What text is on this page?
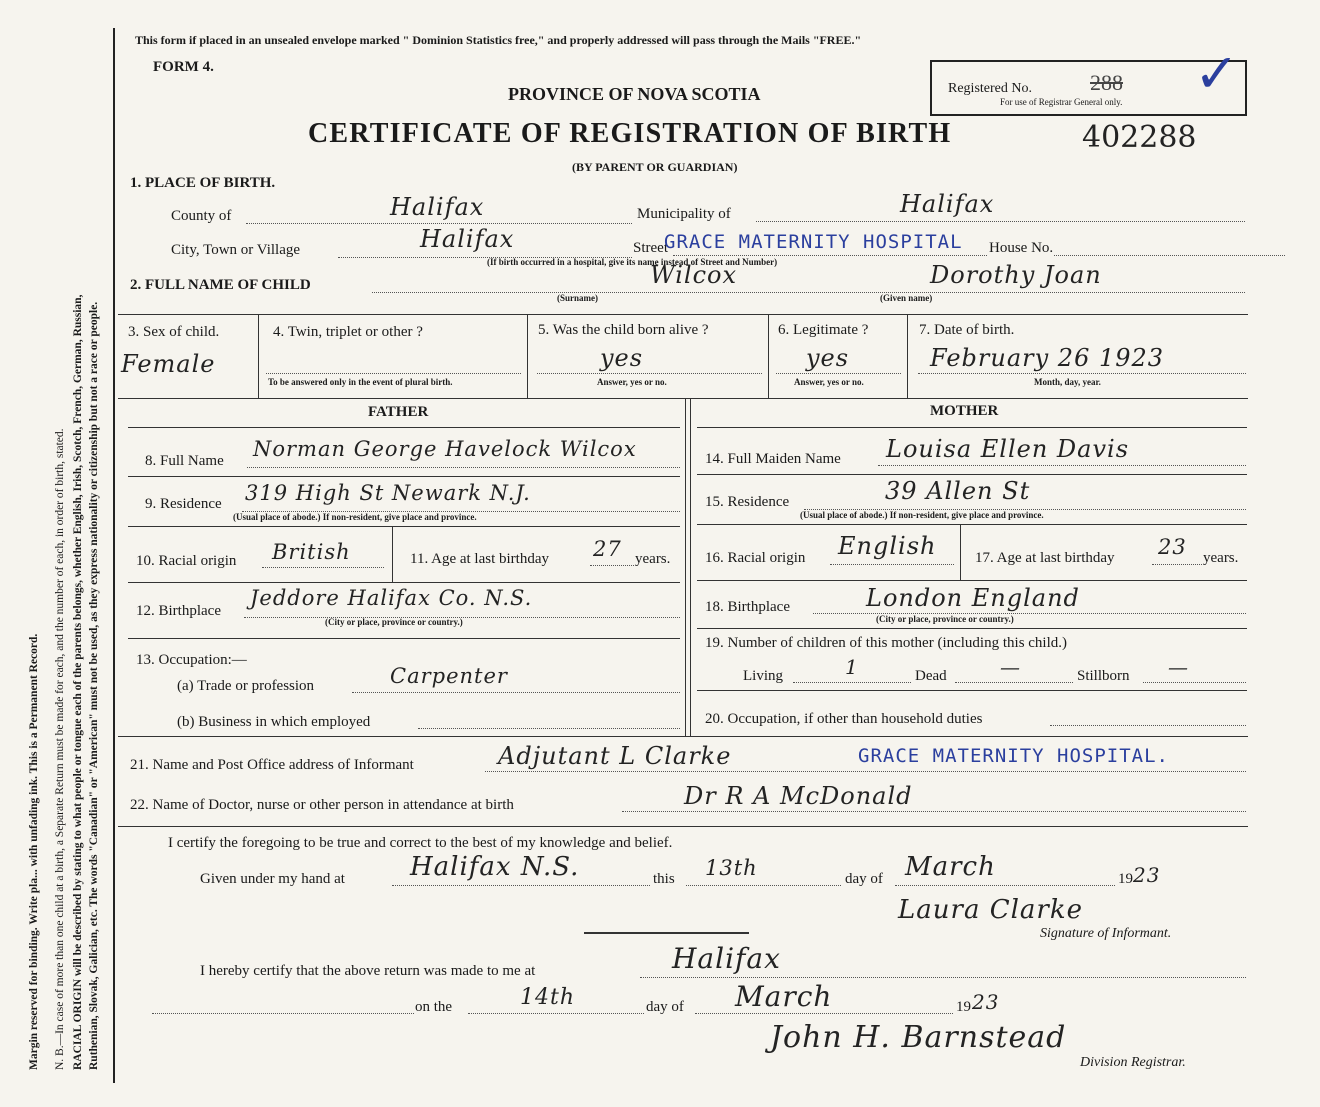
Margin reserved for binding. Write pla... with unfading ink. This is a Permanent Record. N. B.—In case of more than one child at a birth, a Separate Return must be made for each, and the number of each, in order of birth, stated. RACIAL ORIGIN will be described by stating to what people or tongue each of the parents belongs, whether English, Irish, Scotch, French, German, Russian, Ruthenian, Slovak, Galician, etc. The words "Canadian" or "American" must not be used, as they express nationality or citizenship but not a race or people.
This form if placed in an unsealed envelope marked " Dominion Statistics free," and properly addressed will pass through the Mails "FREE."
FORM 4.
PROVINCE OF NOVA SCOTIA
CERTIFICATE OF REGISTRATION OF BIRTH	402288
(BY PARENT OR GUARDIAN)
Registered No.	288
For use of Registrar General only. ✓
1. PLACE OF BIRTH.
County of	Halifax	Municipality of	Halifax
City, Town or Village	Halifax	Street
GRACE MATERNITY HOSPITAL House No.
(If birth occurred in a hospital, give its name instead of Street and Number)
2. FULL NAME OF CHILD	Wilcox	Dorothy Joan
(Surname)	(Given name)
3. Sex of child.
Female
4. Twin, triplet or other ?
To be answered only in the event of plural birth.
5. Was the child born alive ?
yes
Answer, yes or no.
6. Legitimate ?
yes
Answer, yes or no.
7. Date of birth.
February 26 1923
Month, day, year.
FATHER	MOTHER
8. Full Name Norman George Havelock Wilcox
9. Residence 319 High St Newark N.J.
(Usual place of abode.) If non-resident, give place and province.
10. Racial origin British	11. Age at last birthday 27 years.
12. Birthplace
Jeddore Halifax Co. N.S.
(City or place, province or country.)
13. Occupation:—
(a) Trade or profession	Carpenter
(b) Business in which employed
14. Full Maiden Name Louisa Ellen Davis
15. Residence	39 Allen St
(Usual place of abode.) If non-resident, give place and province.
16. Racial origin English	17. Age at last birthday 23 years.
18. Birthplace	London England
(City or place, province or country.)
19. Number of children of this mother (including this child.)
Living	1	Dead	—	Stillborn —
20. Occupation, if other than household duties
21. Name and Post Office address of Informant	Adjutant L Clarke	GRACE MATERNITY HOSPITAL.
22. Name of Doctor, nurse or other person in attendance at birth	Dr R A McDonald
I certify the foregoing to be true and correct to the best of my knowledge and belief.
Given under my hand at	Halifax N.S.	this 13th	day of March	19 23
Laura Clarke
Signature of Informant.
I hereby certify that the above return was made to me at	Halifax
on the	14th	day of March	19 23
John H. Barnstead
Division Registrar.
